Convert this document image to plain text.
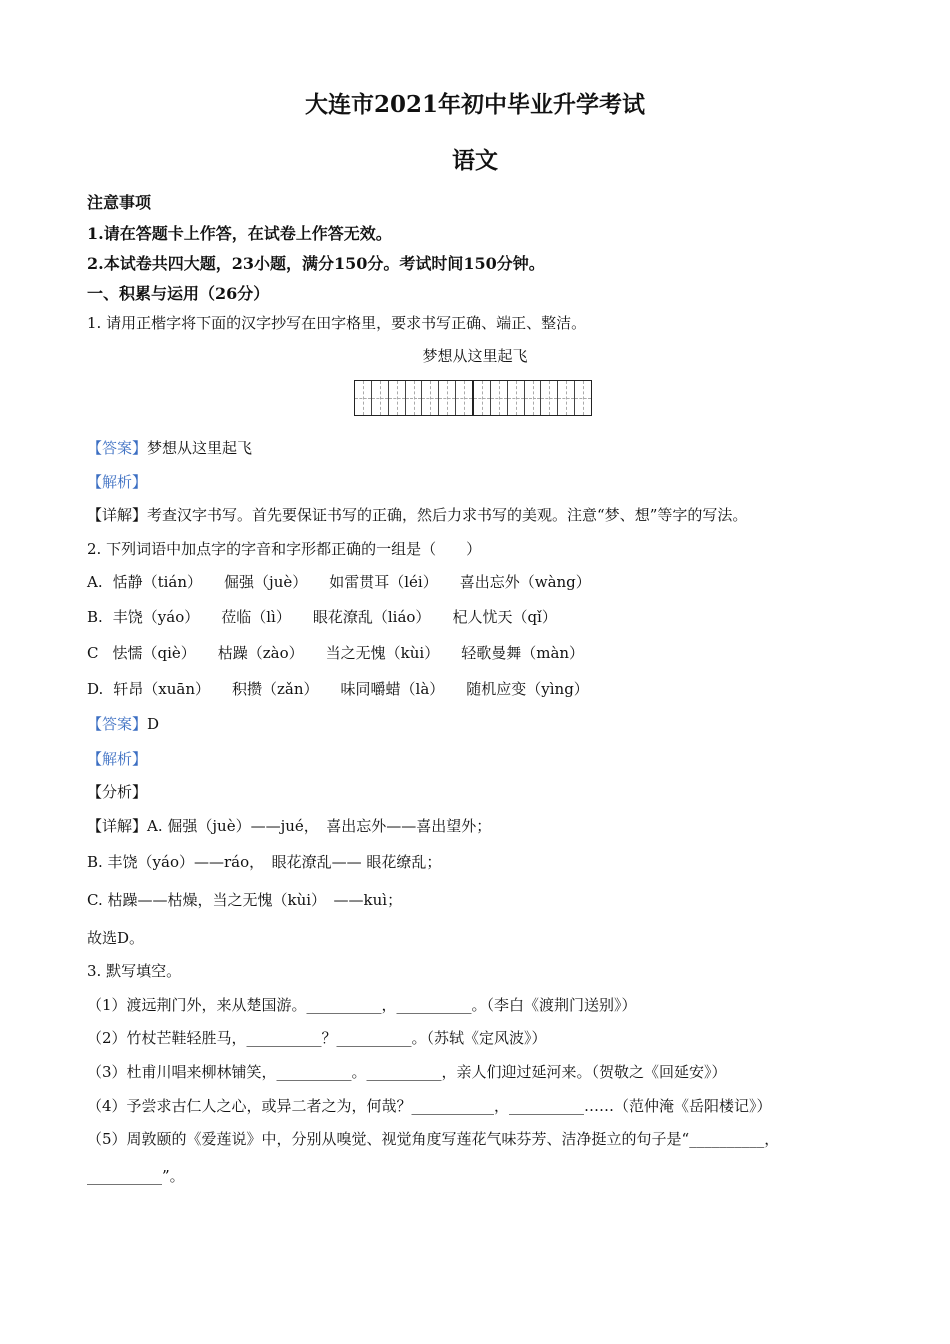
大连市2021年初中毕业升学考试
语文
注意事项
1.请在答题卡上作答，在试卷上作答无效。
2.本试卷共四大题，23小题，满分150分。考试时间150分钟。
一、积累与运用（26分）
1. 请用正楷字将下面的汉字抄写在田字格里，要求书写正确、端正、整洁。
梦想从这里起飞
【答案】梦想从这里起飞
【解析】
【详解】考查汉字书写。首先要保证书写的正确，然后力求书写的美观。注意“梦、想”等字的写法。
2. 下列词语中加点字的字音和字形都正确的一组是（　　）
A. 恬静（tián） 倔强（juè） 如雷贯耳（léi） 喜出忘外（wàng）
B. 丰饶（yáo） 莅临（lì） 眼花潦乱（liáo） 杞人忧天（qǐ）
C 怯懦（qiè） 枯躁（zào） 当之无愧（kùi） 轻歌曼舞（màn）
D. 轩昂（xuān） 积攒（zǎn） 味同嚼蜡（là） 随机应变（yìng）
【答案】D
【解析】
【分析】
【详解】A. 倔强（juè）——jué，　喜出忘外——喜出望外；
B. 丰饶（yáo）——ráo，　眼花潦乱—— 眼花缭乱；
C. 枯躁——枯燥，当之无愧（kùi）　——kuì；
故选D。
3. 默写填空。
（1）渡远荆门外，来从楚国游。__________，__________。（李白《渡荆门送别》）
（2）竹杖芒鞋轻胜马，__________？__________。（苏轼《定风波》）
（3）杜甫川唱来柳林铺笑，__________。__________，亲人们迎过延河来。（贺敬之《回延安》）
（4）予尝求古仁人之心，或异二者之为，何哉？___________，__________……（范仲淹《岳阳楼记》）
（5）周敦颐的《爱莲说》中，分别从嗅觉、视觉角度写莲花气味芬芳、洁净挺立的句子是“__________，
__________”。
